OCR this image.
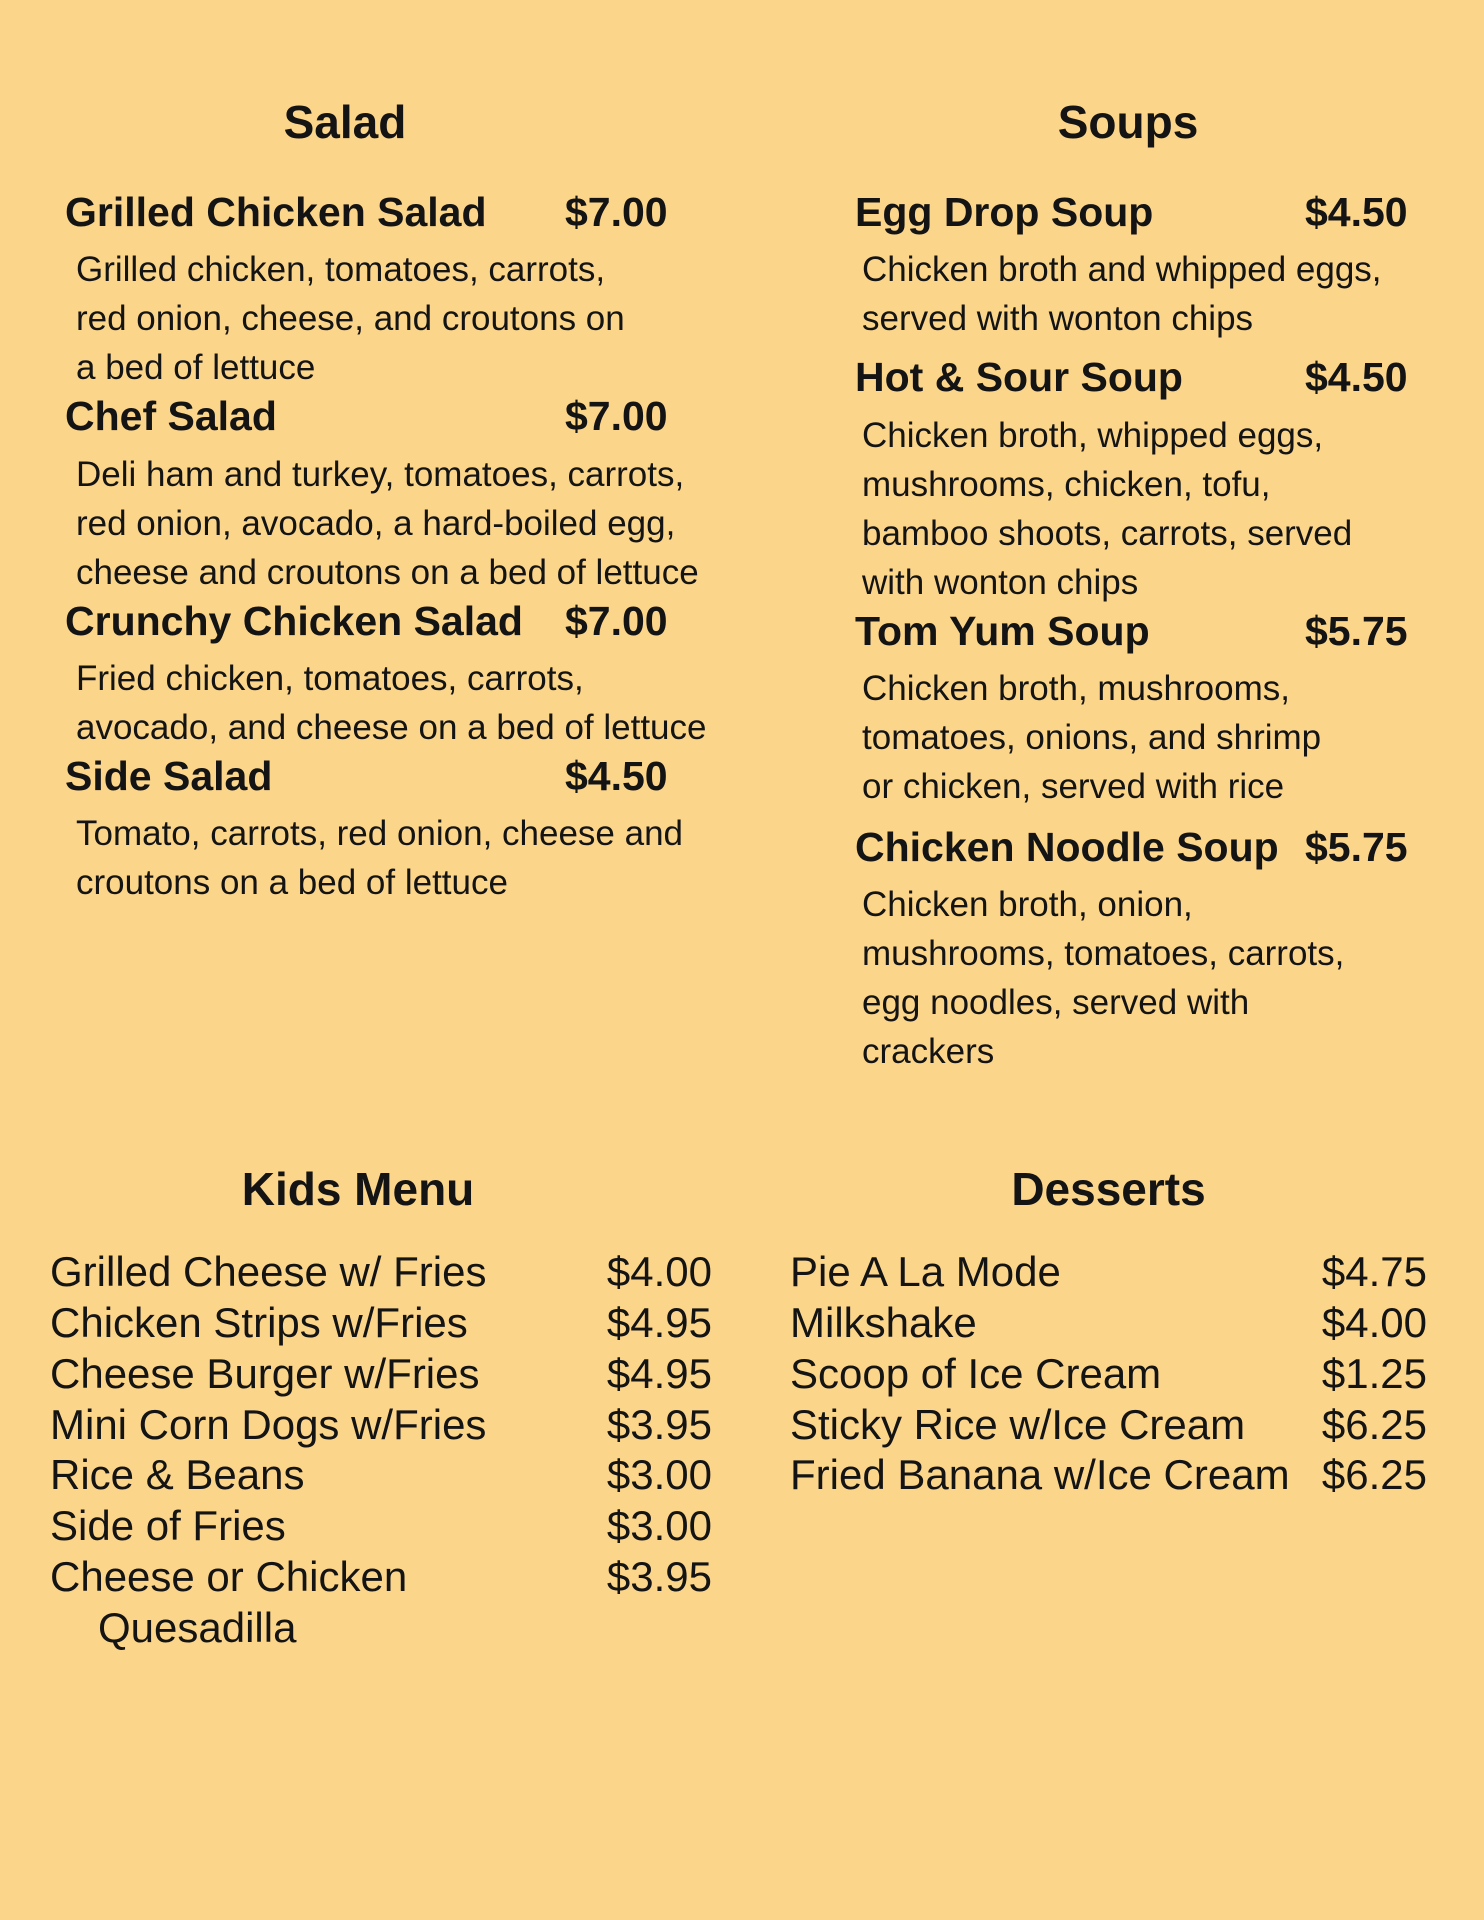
Salad
Grilled Chicken Salad $7.00
Grilled chicken, tomatoes, carrots,
red onion, cheese, and croutons on
a bed of lettuce
Chef Salad	$7.00
Deli ham and turkey, tomatoes, carrots,
red onion, avocado, a hard-boiled egg,
cheese and croutons on a bed of lettuce
Crunchy Chicken Salad $7.00
Fried chicken, tomatoes, carrots,
avocado, and cheese on a bed of lettuce
Side Salad	$4.50
Tomato, carrots, red onion, cheese and
croutons on a bed of lettuce
Soups
Egg Drop Soup	$4.50
Chicken broth and whipped eggs,
served with wonton chips
Hot & Sour Soup	$4.50
Chicken broth, whipped eggs,
mushrooms, chicken, tofu,
bamboo shoots, carrots, served
with wonton chips
Tom Yum Soup	$5.75
Chicken broth, mushrooms,
tomatoes, onions, and shrimp
or chicken, served with rice
Chicken Noodle Soup $5.75
Chicken broth, onion,
mushrooms, tomatoes, carrots,
egg noodles, served with
crackers
Kids Menu
Grilled Cheese w/ Fries	$4.00
Chicken Strips w/Fries	$4.95
Cheese Burger w/Fries	$4.95
Mini Corn Dogs w/Fries	$3.95
Rice & Beans	$3.00
Side of Fries	$3.00
Cheese or Chicken	$3.95
Quesadilla
Desserts
Pie A La Mode	$4.75
Milkshake	$4.00
Scoop of Ice Cream	$1.25
Sticky Rice w/Ice Cream $6.25
Fried Banana w/Ice Cream $6.25
